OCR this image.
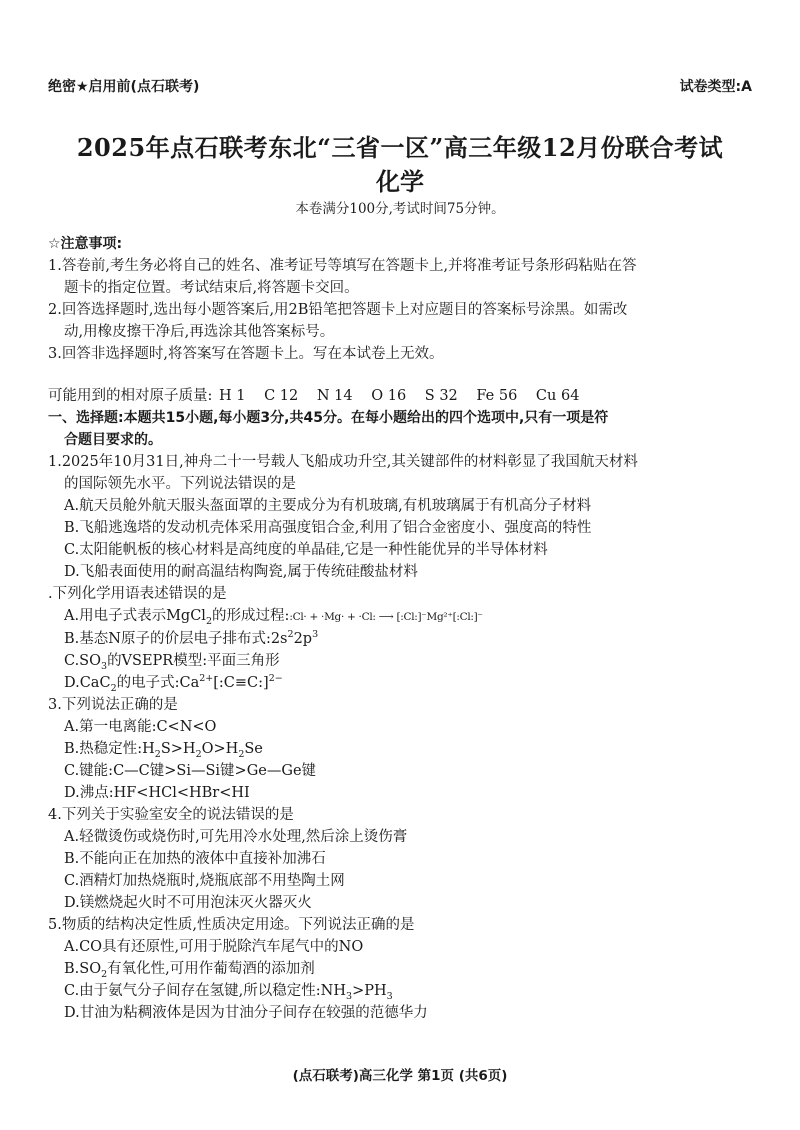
绝密★启用前(点石联考)	试卷类型:A
2025年点石联考东北“三省一区”高三年级12月份联合考试
化学
本卷满分100分,考试时间75分钟。
☆注意事项:
1.答卷前,考生务必将自己的姓名、准考证号等填写在答题卡上,并将准考证号条形码粘贴在答
题卡的指定位置。考试结束后,将答题卡交回。
2.回答选择题时,选出每小题答案后,用2B铅笔把答题卡上对应题目的答案标号涂黑。如需改
动,用橡皮擦干净后,再选涂其他答案标号。
3.回答非选择题时,将答案写在答题卡上。写在本试卷上无效。
可能用到的相对原子质量: H 1 C 12 N 14 O 16 S 32 Fe 56 Cu 64
一、选择题:本题共15小题,每小题3分,共45分。在每小题给出的四个选项中,只有一项是符
合题目要求的。
1.2025年10月31日,神舟二十一号载人飞船成功升空,其关键部件的材料彰显了我国航天材料
的国际领先水平。下列说法错误的是
A.航天员舱外航天服头盔面罩的主要成分为有机玻璃,有机玻璃属于有机高分子材料
B.飞船逃逸塔的发动机壳体采用高强度铝合金,利用了铝合金密度小、强度高的特性
C.太阳能帆板的核心材料是高纯度的单晶硅,它是一种性能优异的半导体材料
D.飞船表面使用的耐高温结构陶瓷,属于传统硅酸盐材料
.下列化学用语表述错误的是
A.用电子式表示MgCl$_2$的形成过程::Cl· + ·Mg· + ·Cl: ⟶ [:Cl:]⁻Mg²⁺[:Cl:]⁻
B.基态N原子的价层电子排布式$:2s^22p^3$
$C.SO_3$的VSEPR模型:平面三角形
D.CaC$_2$的电子式$:Ca^{2+}[:C\equiv C:]^{2-}$
3.下列说法正确的是
A.第一电离能:C<N<O
B.热稳定性$:H_2S>H_2O>H_2Se$
C.键能:C—C键>Si—Si键>Ge—Ge键
D.沸点:HF<HCl<HBr<HI
4.下列关于实验室安全的说法错误的是
A.轻微烫伤或烧伤时,可先用冷水处理,然后涂上烫伤膏
B.不能向正在加热的液体中直接补加沸石
C.酒精灯加热烧瓶时,烧瓶底部不用垫陶土网
D.镁燃烧起火时不可用泡沫灭火器灭火
5.物质的结构决定性质,性质决定用途。下列说法正确的是
A.CO具有还原性,可用于脱除汽车尾气中的NO
$B.SO_2$有氧化性,可用作葡萄酒的添加剂
C.由于氨气分子间存在氢键,所以稳定性$:NH_3>PH_3$
D.甘油为粘稠液体是因为甘油分子间存在较强的范德华力
(点石联考)高三化学 第1页 (共6页)
